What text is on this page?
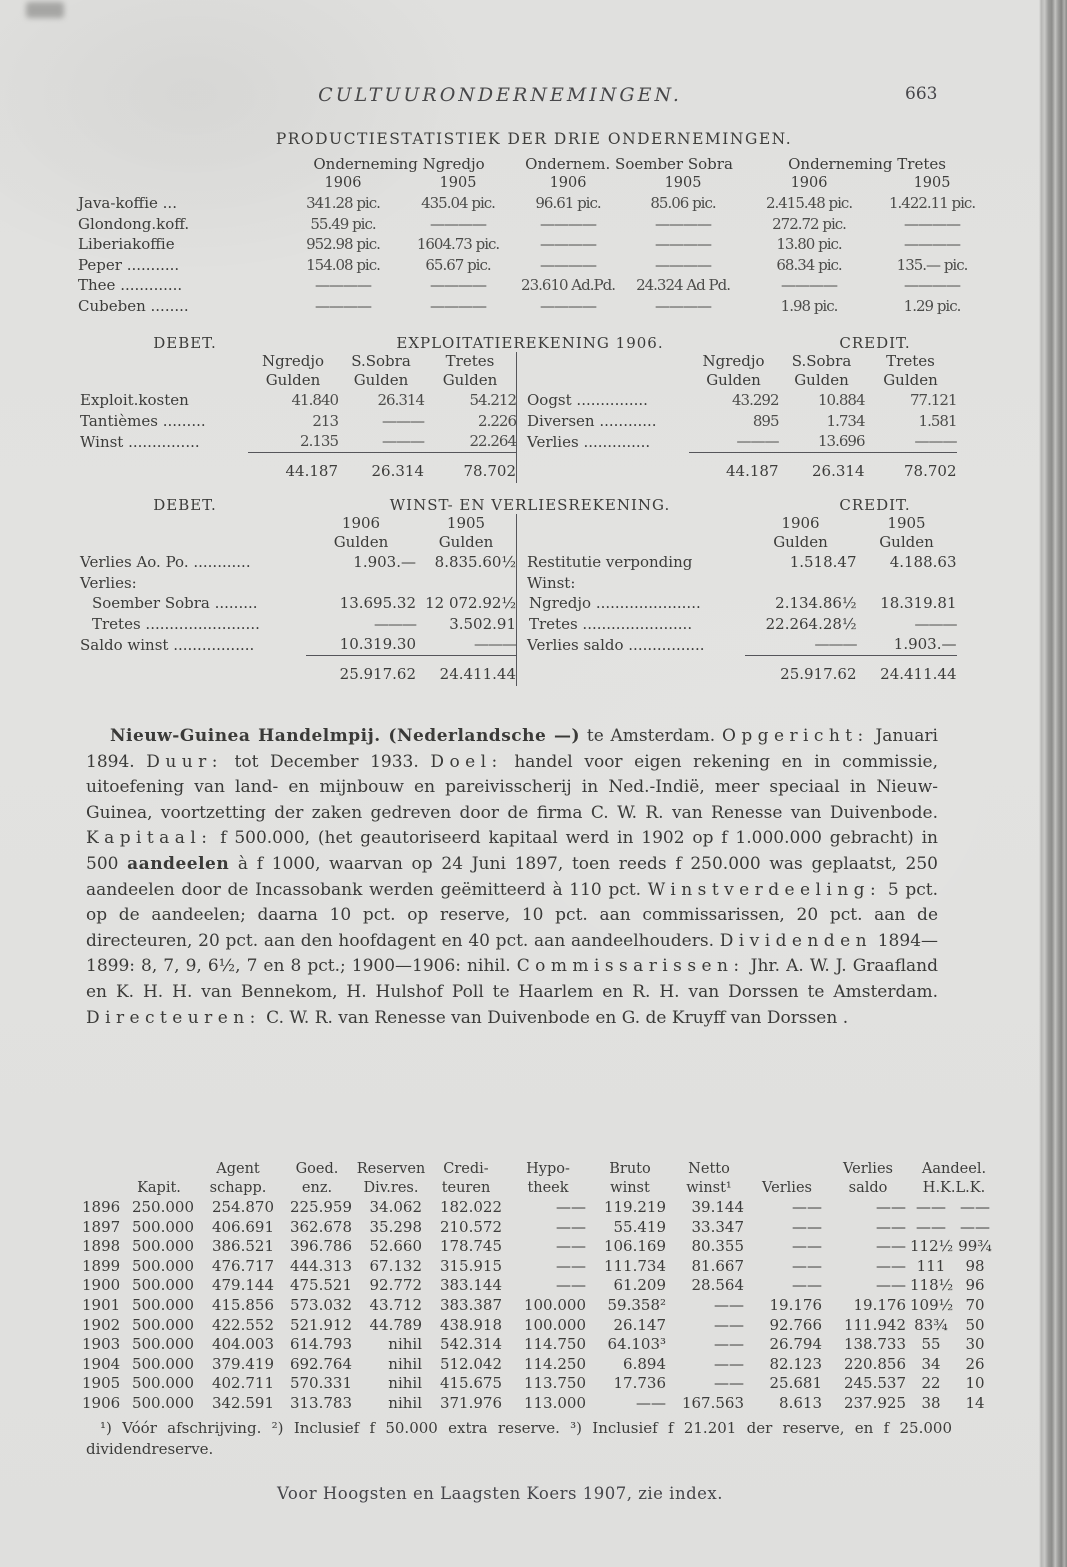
CULTUURONDERNEMINGEN.	663
PRODUCTIESTATISTIEK DER DRIE ONDERNEMINGEN.
	Onderneming Ngredjo		Ondernem. Soember Sobra		Onderneming Tretes	
	1906	1905	1906	1905	1906	1905
Java-koffie ...	341.28 pic.	435.04 pic.	96.61 pic.	85.06 pic.	2.415.48 pic.	1.422.11 pic.
Glondong.koff.	55.49 pic.	————	————	————	272.72 pic.	————
Liberiakoffie	952.98 pic.	1604.73 pic.	————	————	13.80 pic.	————
Peper ...........	154.08 pic.	65.67 pic.	————	————	68.34 pic.	135.— pic.
Thee .............	————	————	23.610 Ad.Pd.	24.324 Ad Pd.	————	————
Cubeben ........	————	————	————	————	1.98 pic.	1.29 pic.
DEBET.	EXPLOITATIEREKENING 1906.	CREDIT.
	Ngredjo	S.Sobra	Tretes
	Gulden	Gulden	Gulden
Exploit.kosten	41.840	26.314	54.212
Tantièmes .........	213	———	2.226
Winst ...............	2.135	———	22.264

	44.187	26.314	78.702
	Ngredjo	S.Sobra	Tretes
	Gulden	Gulden	Gulden
Oogst ...............	43.292	10.884	77.121
Diversen ............	895	1.734	1.581
Verlies ..............	———	13.696	———

	44.187	26.314	78.702
DEBET.	WINST- EN VERLIESREKENING.	CREDIT.
	1906	1905
	Gulden	Gulden
Verlies Ao. Po. ............	1.903.—	8.835.60½
Verlies:		
Soember Sobra .........	13.695.32	12 072.92½
Tretes ........................	———	3.502.91
Saldo winst .................	10.319.30	———

	25.917.62	24.411.44
	1906	1905
	Gulden	Gulden
Restitutie verponding	1.518.47	4.188.63
Winst:		
Ngredjo ......................	2.134.86½	18.319.81
Tretes .......................	22.264.28½	———
Verlies saldo ................	———	1.903.—

	25.917.62	24.411.44
Nieuw-Guinea Handelmpij. (Nederlandsche —) te Amsterdam. Opgericht: Januari 1894. Duur: tot December 1933. Doel: handel voor eigen rekening en in commissie, uitoefening van land- en mijnbouw en pareivisscherij in Ned.-Indië, meer speciaal in Nieuw-Guinea, voortzetting der zaken gedreven door de firma C. W. R. van Renesse van Duivenbode. Kapitaal: f 500.000, (het geautoriseerd kapitaal werd in 1902 op f 1.000.000 gebracht) in 500 aandeelen à f 1000, waarvan op 24 Juni 1897, toen reeds f 250.000 was geplaatst, 250 aandeelen door de Incassobank werden geëmitteerd à 110 pct. Winstverdeeling: 5 pct. op de aandeelen; daarna 10 pct. op reserve, 10 pct. aan commissarissen, 20 pct. aan de directeuren, 20 pct. aan den hoofdagent en 40 pct. aan aandeelhouders. Dividenden 1894—1899: 8, 7, 9, 6½, 7 en 8 pct.; 1900—1906: nihil. Commissarissen: Jhr. A. W. J. Graafland en K. H. H. van Bennekom, H. Hulshof Poll te Haarlem en R. H. van Dorssen te Amsterdam. Directeuren: C. W. R. van Renesse van Duivenbode en G. de Kruyff van Dorssen .
		Agent	Goed.	Reserven	Credi-	Hypo-	Bruto	Netto		Verlies	Aandeel.	
	Kapit.	schapp.	enz.	Div.res.	teuren	theek	winst	winst¹	Verlies	saldo	H.K.L.K.	
1896	250.000	254.870	225.959	34.062	182.022	——	119.219	39.144	——	——	——	——
1897	500.000	406.691	362.678	35.298	210.572	——	55.419	33.347	——	——	——	——
1898	500.000	386.521	396.786	52.660	178.745	——	106.169	80.355	——	——	112½	99¾
1899	500.000	476.717	444.313	67.132	315.915	——	111.734	81.667	——	——	111	98
1900	500.000	479.144	475.521	92.772	383.144	——	61.209	28.564	——	——	118½	96
1901	500.000	415.856	573.032	43.712	383.387	100.000	59.358²	——	19.176	19.176	109½	70
1902	500.000	422.552	521.912	44.789	438.918	100.000	26.147	——	92.766	111.942	83¾	50
1903	500.000	404.003	614.793	nihil	542.314	114.750	64.103³	——	26.794	138.733	55	30
1904	500.000	379.419	692.764	nihil	512.042	114.250	6.894	——	82.123	220.856	34	26
1905	500.000	402.711	570.331	nihil	415.675	113.750	17.736	——	25.681	245.537	22	10
1906	500.000	342.591	313.783	nihil	371.976	113.000	——	167.563	8.613	237.925	38	14
¹) Vóór afschrijving. ²) Inclusief f 50.000 extra reserve. ³) Inclusief f 21.201 der reserve, en f 25.000 dividendreserve.
Voor Hoogsten en Laagsten Koers 1907, zie index.
